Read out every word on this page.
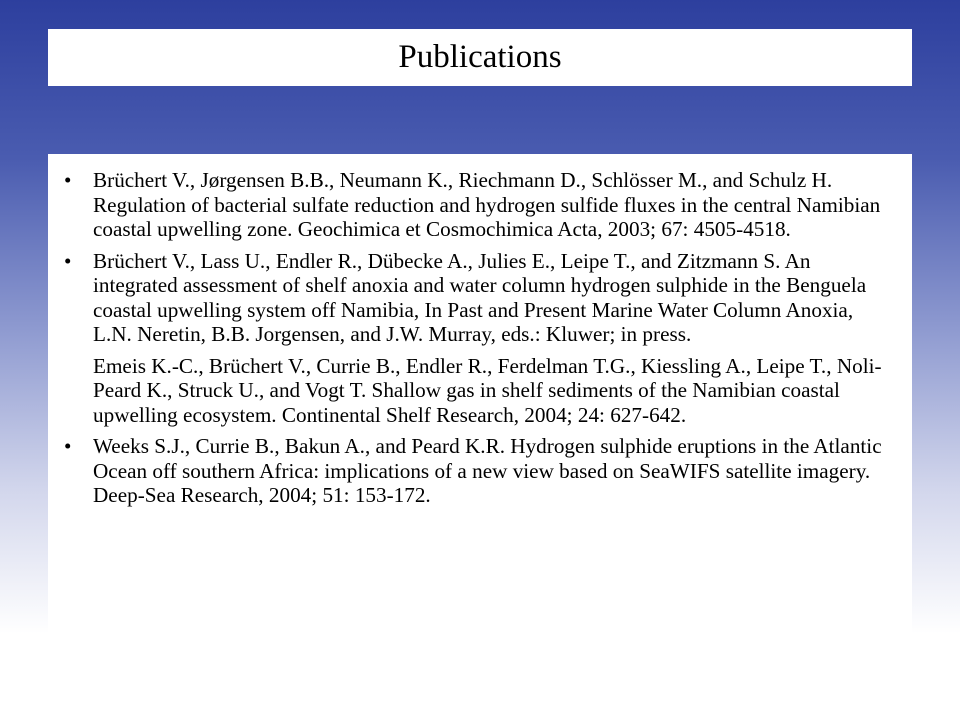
Publications
•	Brüchert V., Jørgensen B.B., Neumann K., Riechmann D., Schlösser M., and Schulz H. Regulation of bacterial sulfate reduction and hydrogen sulfide fluxes in the central Namibian coastal upwelling zone. Geochimica et Cosmochimica Acta, 2003; 67: 4505-4518.
•	Brüchert V., Lass U., Endler R., Dübecke A., Julies E., Leipe T., and Zitzmann S. An integrated assessment of shelf anoxia and water column hydrogen sulphide in the Benguela coastal upwelling system off Namibia, In Past and Present Marine Water Column Anoxia, L.N. Neretin, B.B. Jorgensen, and J.W. Murray, eds.: Kluwer; in press.
Emeis K.-C., Brüchert V., Currie B., Endler R., Ferdelman T.G., Kiessling A., Leipe T., Noli-Peard K., Struck U., and Vogt T. Shallow gas in shelf sediments of the Namibian coastal upwelling ecosystem. Continental Shelf Research, 2004; 24: 627-642.
•	Weeks S.J., Currie B., Bakun A., and Peard K.R. Hydrogen sulphide eruptions in the Atlantic Ocean off southern Africa: implications of a new view based on SeaWIFS satellite imagery. Deep-Sea Research, 2004; 51: 153-172.
